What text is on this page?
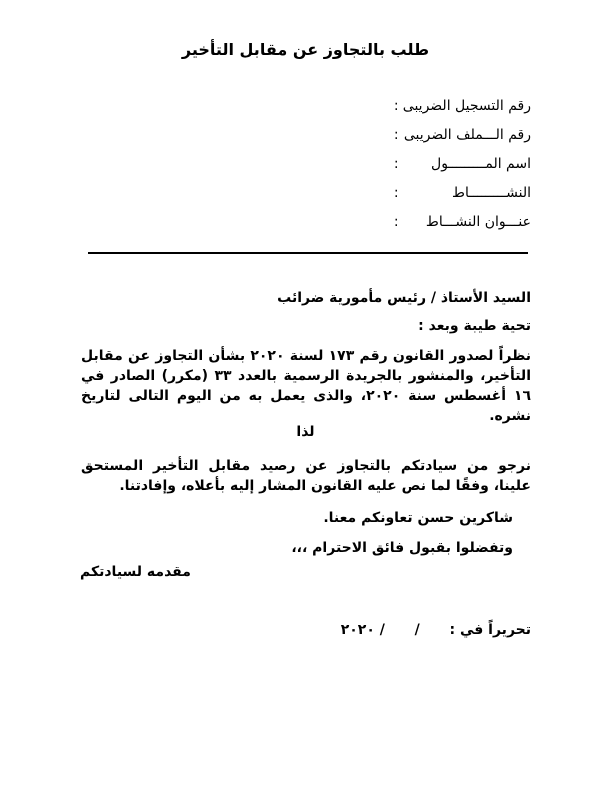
طلب بالتجاوز عن مقابل التأخير
رقم التسجيل الضريبى :
رقم الـــملف الضريبى :
اسم المـــــــــول :
النشـــــــــاط :
عنـــوان النشـــاط :
السيد الأستاذ / رئيس مأمورية ضرائب
تحية طيبة وبعد :
نظراً لصدور القانون رقم ١٧٣ لسنة ٢٠٢٠ بشأن التجاوز عن مقابل التأخير، والمنشور بالجريدة الرسمية بالعدد ٣٣ (مكرر) الصادر في ١٦ أغسطس سنة ٢٠٢٠، والذى يعمل به من اليوم التالى لتاريخ نشره.
لذا
نرجو من سيادتكم بالتجاوز عن رصيد مقابل التأخير المستحق علينا، وفقًا لما نص عليه القانون المشار إليه بأعلاه، وإفادتنا.
شاكرين حسن تعاونكم معنا.
وتفضلوا بقبول فائق الاحترام ،،،
مقدمه لسيادتكم
تحريراً في :  /  / ٢٠٢٠
